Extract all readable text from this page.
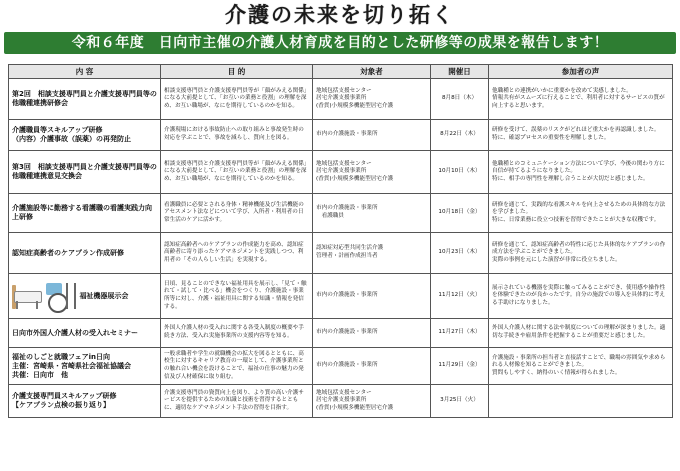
介護の未来を切り拓く
令和６年度　日向市主催の介護人材育成を目的とした研修等の成果を報告します！
内 容	目 的	対象者	開催日	参加者の声
第2回　相談支援専門員と介護支援専門員等の他職種連携研修会	相談支援専門員と介護支援専門員等が「顔がみえる関係」になる大前提として、「お互いの業務と役割」の理解を深め、お互い職場が、なにを期待しているのかを知る。	地域包括支援センター
居宅介護支援事業所
(香貫)小規模多機能型居宅介護	8月8日（木）	他職種との連携がいかに重要かを改めて実感しました。
情報共有がスムーズに行えることで、利用者に対するサービスの質が向上すると思います。
介護職員等スキルアップ研修
（内容）介護事故（誤薬）の再発防止	介護現場における事故防止への取り組みと事故発生時の対応を学ぶことで、事故を減らし、質向上を図る。	市内の介護施設・事業所	8月22日（木）	研修を受けて、誤薬のリスクがどれほど重大かを再認識しました。
特に、確認プロセスの重要性を理解しました。
第3回　相談支援専門員と介護支援専門員等の他職種連携意見交換会	相談支援専門員と介護支援専門員等が「顔がみえる関係」になる大前提として、「お互いの業務と役割」の理解を深め、お互い職場が、なにを期待しているのかを知る。	地域包括支援センター
居宅介護支援事業所
(香貫)小規模多機能型居宅介護	10月10日（木）	他職種とのコミュニケーション方法について学び、今後の関わり方に自信が持てるようになりました。
特に、相手の専門性を理解し合うことが大切だと感じました。
介護施設等に勤務する看護職の看護実践力向上研修	看護職員に必要とされる身体・精神機能及び生活機能のアセスメント法などについて学び、入所者・利用者の日常生活のケアに活かす。	市内の介護施設・事業所
　看護職員	10月18日（金）	研修を通じて、実践的な看護スキルを向上させるための具体的な方法を学びました。
特に、日常業務に役立つ技術を習得できたことが大きな収穫です。
認知症高齢者のケアプラン作成研修	認知症高齢者へのケアプランの作成能力を高め、認知症高齢者に寄り添ったケアマネジメントを実践しつつ、利用者の「その人らしい生活」を実現する。	認知症対応型共同生活介護
管理者・計画作成担当者	10月23日（木）	研修を通じて、認知症高齢者の特性に応じた具体的なケアプランの作成方法を学ぶことができました。
実際の事例を元にした演習が非常に役立ちました。

福祉機器展示会	日頃、見ることのできない福祉用具を展示し、「見て・触れて・試して・比べる」機会をつくり、介護施設・事業所等に対し、介護・福祉用具に関する知識・情報を発信する。	市内の介護施設・事業所	11月12日（火）	展示されている機器を実際に触ってみることができ、使用感や操作性を体験できたのが良かったです。自分の施設での導入を具体的に考える手助けになりました。
日向市外国人介護人材の受入れセミナー	外国人介護人材の受入れに関する各受入制度の概要や手続き方法、受入れ実施事業所の支援内容等を知る。	市内の介護施設・事業所	11月27日（木）	外国人介護人材に関する法や制度についての理解が深まりました。適切な手続きや雇用条件を把握することが重要だと感じました。
福祉のしごと就職フェアin日向
主催：宮崎県・宮崎県社会福祉協議会
共催：日向市　他	一般求職者や学生の就職機会の拡大を図るとともに、高校生に対するキャリア教育の一環として、介護事業所との触れ合い機会を設けることで、福祉の仕事の魅力の発信及び人材確保に取り組む。	市内の介護施設・事業所	11月29日（金）	介護施設・事業所の担当者と直接話すことで、職場の雰囲気や求められる人材像を知ることができました。
質問もしやすく、納得のいく情報が得られました。
介護支援専門員スキルアップ研修
【ケアプラン点検の振り返り】	介護支援専門員の資質向上を図り、より質の高い介護サービスを提供するための知識と技術を習得するとともに、適切なケアマネジメント手法の習得を目指す。	地域包括支援センター
居宅介護支援事業所
(香貫)小規模多機能型居宅介護	3月25日（火）	
